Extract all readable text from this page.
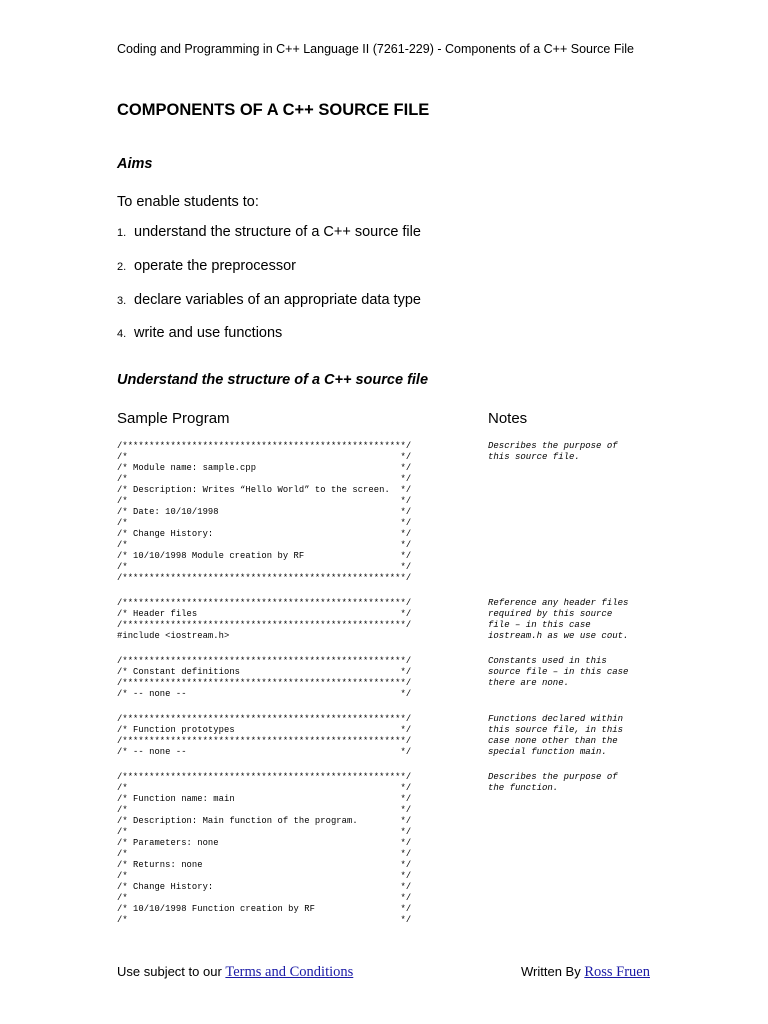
Coding and Programming in C++ Language II (7261-229) - Components of a C++ Source File
COMPONENTS OF A C++ SOURCE FILE
Aims
To enable students to:
1. understand the structure of a C++ source file
2. operate the preprocessor
3. declare variables of an appropriate data type
4. write and use functions
Understand the structure of a C++ source file
Sample Program	Notes
/*****************************************************/
/*                                                   */
/* Module name: sample.cpp                           */
/*                                                   */
/* Description: Writes “Hello World” to the screen.  */
/*                                                   */
/* Date: 10/10/1998                                  */
/*                                                   */
/* Change History:                                   */
/*                                                   */
/* 10/10/1998 Module creation by RF                  */
/*                                                   */
/*****************************************************/
Describes the purpose of
this source file.
/*****************************************************/
/* Header files                                      */
/*****************************************************/
#include <iostream.h>
Reference any header files
required by this source
file – in this case
iostream.h as we use cout.
/*****************************************************/
/* Constant definitions                              */
/*****************************************************/
/* -- none --                                        */
Constants used in this
source file – in this case
there are none.
/*****************************************************/
/* Function prototypes                               */
/*****************************************************/
/* -- none --                                        */
Functions declared within
this source file, in this
case none other than the
special function main.
/*****************************************************/
/*                                                   */
/* Function name: main                               */
/*                                                   */
/* Description: Main function of the program.        */
/*                                                   */
/* Parameters: none                                  */
/*                                                   */
/* Returns: none                                     */
/*                                                   */
/* Change History:                                   */
/*                                                   */
/* 10/10/1998 Function creation by RF                */
/*                                                   */
Describes the purpose of
the function.
Use subject to our Terms and Conditions	Written By Ross Fruen
